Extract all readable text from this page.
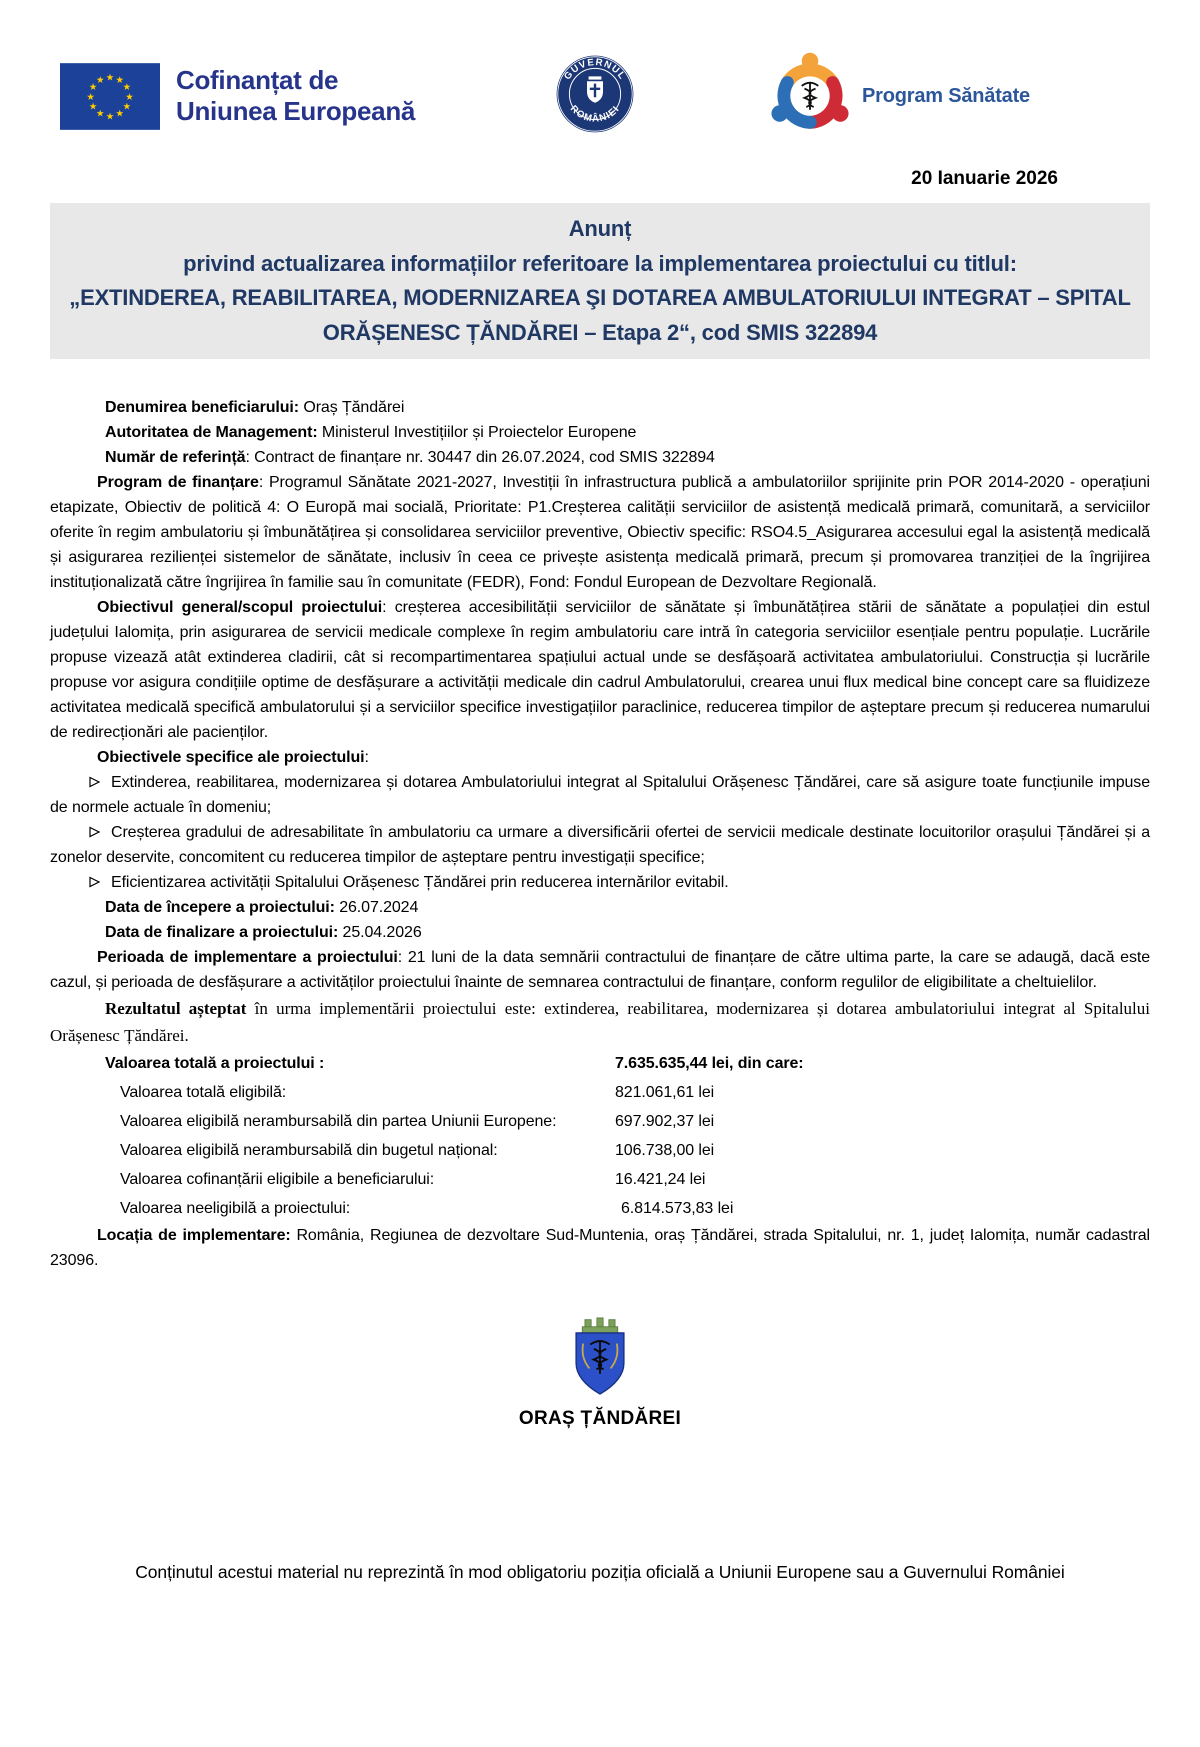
★ ★
★
★
★
★
★
★
★
★
★
★	Cofinanțat de
Uniunea Europeană
GUVERNUL
ROMÂNIEI
Program Sănătate
20 Ianuarie 2026
Anunț
privind actualizarea informațiilor referitoare la implementarea proiectului cu titlul:
„EXTINDEREA, REABILITAREA, MODERNIZAREA ŞI DOTAREA AMBULATORIULUI INTEGRAT – SPITAL ORĂȘENESC ȚĂNDĂREI – Etapa 2“, cod SMIS 322894

Denumirea beneficiarului: Oraș Țăndărei

Autoritatea de Management: Ministerul Investițiilor și Proiectelor Europene

Număr de referință: Contract de finanțare nr. 30447 din 26.07.2024, cod SMIS 322894

Program de finanțare: Programul Sănătate 2021-2027, Investiții în infrastructura publică a ambulatoriilor sprijinite prin POR 2014-2020 - operațiuni etapizate, Obiectiv de politică 4: O Europă mai socială, Prioritate: P1.Creșterea calității serviciilor de asistență medicală primară, comunitară, a serviciilor oferite în regim ambulatoriu și îmbunătățirea și consolidarea serviciilor preventive, Obiectiv specific: RSO4.5_Asigurarea accesului egal la asistență medicală și asigurarea rezilienței sistemelor de sănătate, inclusiv în ceea ce privește asistența medicală primară, precum și promovarea tranziției de la îngrijirea instituționalizată către îngrijirea în familie sau în comunitate (FEDR), Fond: Fondul European de Dezvoltare Regională.

Obiectivul general/scopul proiectului: creșterea accesibilității serviciilor de sănătate și îmbunătățirea stării de sănătate a populației din estul județului Ialomița, prin asigurarea de servicii medicale complexe în regim ambulatoriu care intră în categoria serviciilor esențiale pentru populație. Lucrările propuse vizează atât extinderea cladirii, cât si recompartimentarea spațiului actual unde se desfășoară activitatea ambulatoriului. Construcția și lucrările propuse vor asigura condițiile optime de desfășurare a activității medicale din cadrul Ambulatorului, crearea unui flux medical bine concept care sa fluidizeze activitatea medicală specifică ambulatorului și a serviciilor specifice investigațiilor paraclinice, reducerea timpilor de așteptare precum și reducerea numarului de redirecționări ale pacienților.

Obiectivele specifice ale proiectului:

Extinderea, reabilitarea, modernizarea și dotarea Ambulatoriului integrat al Spitalului Orășenesc Țăndărei, care să asigure toate funcțiunile impuse de normele actuale în domeniu;

Creșterea gradului de adresabilitate în ambulatoriu ca urmare a diversificării ofertei de servicii medicale destinate locuitorilor orașului Țăndărei și a zonelor deservite, concomitent cu reducerea timpilor de așteptare pentru investigații specifice;

Eficientizarea activității Spitalului Orășenesc Țăndărei prin reducerea internărilor evitabil.

Data de începere a proiectului: 26.07.2024

Data de finalizare a proiectului: 25.04.2026

Perioada de implementare a proiectului: 21 luni de la data semnării contractului de finanțare de către ultima parte, la care se adaugă, dacă este cazul, și perioada de desfășurare a activităților proiectului înainte de semnarea contractului de finanțare, conform regulilor de eligibilitate a cheltuielilor.

Rezultatul așteptat în urma implementării proiectului este: extinderea, reabilitarea, modernizarea și dotarea ambulatoriului integrat al Spitalului Orășenesc Țăndărei.

Valoarea totală a proiectului :	7.635.635,44 lei, din care:
Valoarea totală eligibilă:	821.061,61 lei
Valoarea eligibilă nerambursabilă din partea Uniunii Europene:	697.902,37 lei
Valoarea eligibilă nerambursabilă din bugetul național:	106.738,00 lei
Valoarea cofinanțării eligibile a beneficiarului:	16.421,24 lei
Valoarea neeligibilă a proiectului:	6.814.573,83 lei

Locația de implementare: România, Regiunea de dezvoltare Sud-Muntenia, oraș Țăndărei, strada Spitalului, nr. 1, județ Ialomița, număr cadastral 23096.

ORAȘ ȚĂNDĂREI
Conținutul acestui material nu reprezintă în mod obligatoriu poziția oficială a Uniunii Europene sau a Guvernului României
